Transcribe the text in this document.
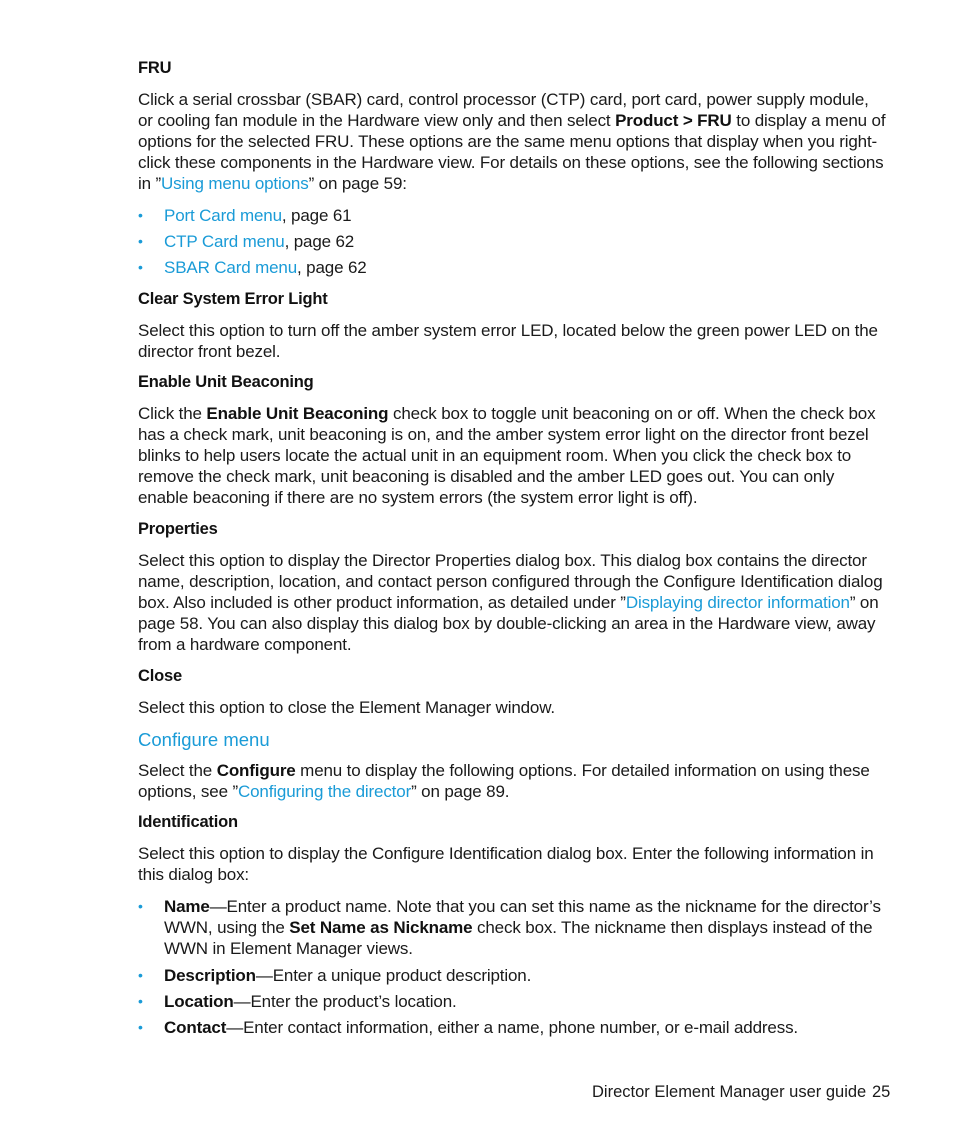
FRU
Click a serial crossbar (SBAR) card, control processor (CTP) card, port card, power supply module, or cooling fan module in the Hardware view only and then select Product > FRU to display a menu of options for the selected FRU. These options are the same menu options that display when you right-click these components in the Hardware view. For details on these options, see the following sections in ”Using menu options” on page 59:
• Port Card menu, page 61
• CTP Card menu, page 62
• SBAR Card menu, page 62
Clear System Error Light
Select this option to turn off the amber system error LED, located below the green power LED on the director front bezel.
Enable Unit Beaconing
Click the Enable Unit Beaconing check box to toggle unit beaconing on or off. When the check box has a check mark, unit beaconing is on, and the amber system error light on the director front bezel blinks to help users locate the actual unit in an equipment room. When you click the check box to remove the check mark, unit beaconing is disabled and the amber LED goes out. You can only enable beaconing if there are no system errors (the system error light is off).
Properties
Select this option to display the Director Properties dialog box. This dialog box contains the director name, description, location, and contact person configured through the Configure Identification dialog box. Also included is other product information, as detailed under ”Displaying director information” on page 58. You can also display this dialog box by double-clicking an area in the Hardware view, away from a hardware component.
Close
Select this option to close the Element Manager window.
Configure menu
Select the Configure menu to display the following options. For detailed information on using these options, see ”Configuring the director” on page 89.
Identification
Select this option to display the Configure Identification dialog box. Enter the following information in this dialog box:
• Name—Enter a product name. Note that you can set this name as the nickname for the director’s WWN, using the Set Name as Nickname check box. The nickname then displays instead of the WWN in Element Manager views.
• Description—Enter a unique product description.
• Location—Enter the product’s location.
• Contact—Enter contact information, either a name, phone number, or e-mail address.
Director Element Manager user guide 25
